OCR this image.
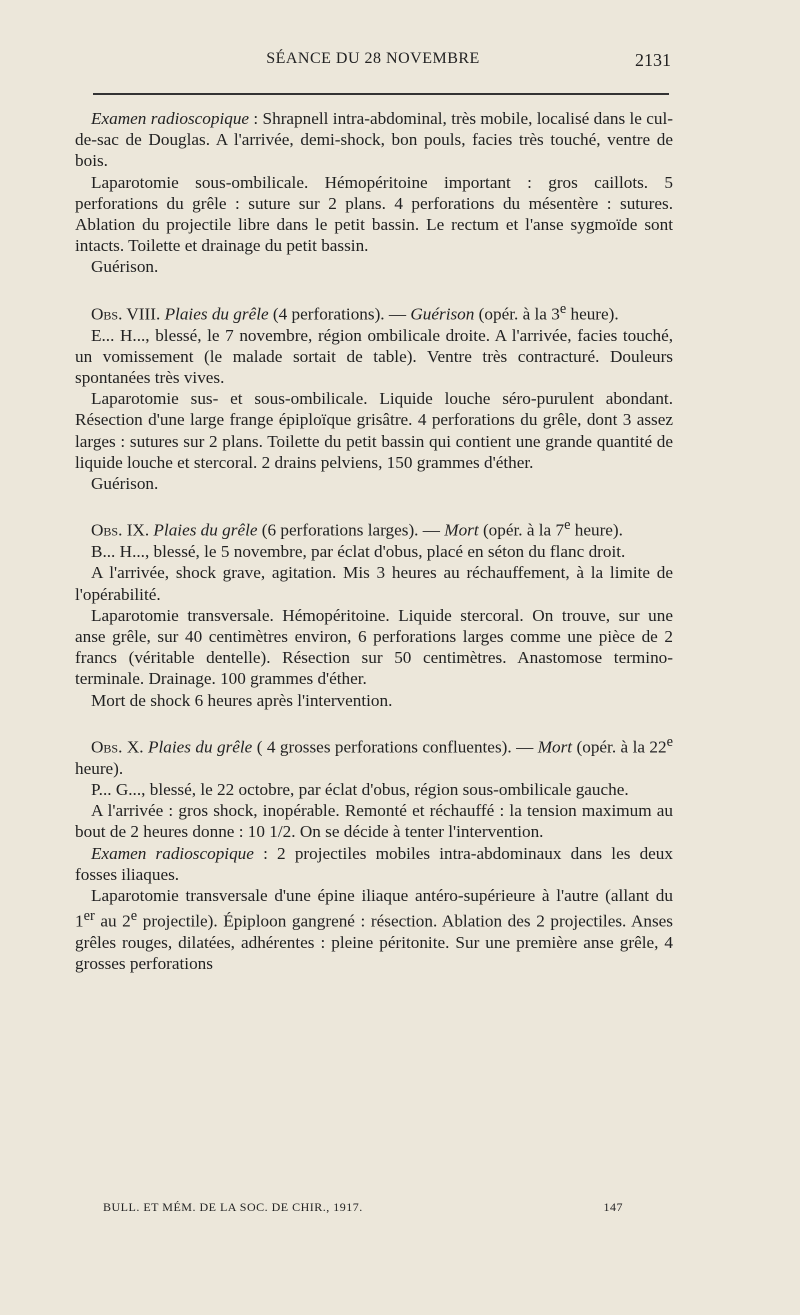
SÉANCE DU 28 NOVEMBRE	2131

Examen radioscopique : Shrapnell intra-abdominal, très mobile, localisé dans le cul-de-sac de Douglas. A l'arrivée, demi-shock, bon pouls, facies très touché, ventre de bois.

Laparotomie sous-ombilicale. Hémopéritoine important : gros caillots. 5 perforations du grêle : suture sur 2 plans. 4 perforations du mésentère : sutures. Ablation du projectile libre dans le petit bassin. Le rectum et l'anse sygmoïde sont intacts. Toilette et drainage du petit bassin.

Guérison.

Obs. VIII. Plaies du grêle (4 perforations). — Guérison (opér. à la 3e heure).

E... H..., blessé, le 7 novembre, région ombilicale droite. A l'arrivée, facies touché, un vomissement (le malade sortait de table). Ventre très contracturé. Douleurs spontanées très vives.

Laparotomie sus- et sous-ombilicale. Liquide louche séro-purulent abondant. Résection d'une large frange épiploïque grisâtre. 4 perforations du grêle, dont 3 assez larges : sutures sur 2 plans. Toilette du petit bassin qui contient une grande quantité de liquide louche et stercoral. 2 drains pelviens, 150 grammes d'éther.

Guérison.

Obs. IX. Plaies du grêle (6 perforations larges). — Mort (opér. à la 7e heure).

B... H..., blessé, le 5 novembre, par éclat d'obus, placé en séton du flanc droit.

A l'arrivée, shock grave, agitation. Mis 3 heures au réchauffement, à la limite de l'opérabilité.

Laparotomie transversale. Hémopéritoine. Liquide stercoral. On trouve, sur une anse grêle, sur 40 centimètres environ, 6 perforations larges comme une pièce de 2 francs (véritable dentelle). Résection sur 50 centimètres. Anastomose termino-terminale. Drainage. 100 grammes d'éther.

Mort de shock 6 heures après l'intervention.

Obs. X. Plaies du grêle ( 4 grosses perforations confluentes). — Mort (opér. à la 22e heure).

P... G..., blessé, le 22 octobre, par éclat d'obus, région sous-ombilicale gauche.

A l'arrivée : gros shock, inopérable. Remonté et réchauffé : la tension maximum au bout de 2 heures donne : 10 1/2. On se décide à tenter l'intervention.

Examen radioscopique : 2 projectiles mobiles intra-abdominaux dans les deux fosses iliaques.

Laparotomie transversale d'une épine iliaque antéro-supérieure à l'autre (allant du 1er au 2e projectile). Épiploon gangrené : résection. Ablation des 2 projectiles. Anses grêles rouges, dilatées, adhérentes : pleine péritonite. Sur une première anse grêle, 4 grosses perforations

BULL. ET MÉM. DE LA SOC. DE CHIR., 1917.	147
